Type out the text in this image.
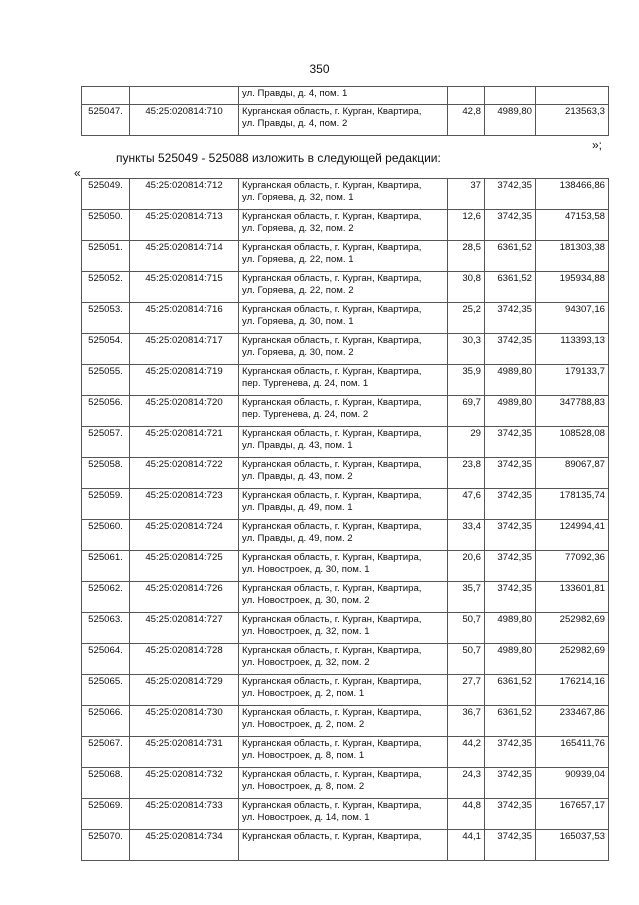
350

		ул. Правды, д. 4, пом. 1			

525047.	45:25:020814:710	Курганская область, г. Курган, Квартира,
ул. Правды, д. 4, пом. 2	42,8	4989,80	213563,3
»;
пункты 525049 - 525088 изложить в следующей редакции:
«
525049.	45:25:020814:712	Курганская область, г. Курган, Квартира,
ул. Горяева, д. 32, пом. 1	37	3742,35	138466,86
525050.	45:25:020814:713	Курганская область, г. Курган, Квартира,
ул. Горяева, д. 32, пом. 2	12,6	3742,35	47153,58
525051.	45:25:020814:714	Курганская область, г. Курган, Квартира,
ул. Горяева, д. 22, пом. 1	28,5	6361,52	181303,38
525052.	45:25:020814:715	Курганская область, г. Курган, Квартира,
ул. Горяева, д. 22, пом. 2	30,8	6361,52	195934,88
525053.	45:25:020814:716	Курганская область, г. Курган, Квартира,
ул. Горяева, д. 30, пом. 1	25,2	3742,35	94307,16
525054.	45:25:020814:717	Курганская область, г. Курган, Квартира,
ул. Горяева, д. 30, пом. 2	30,3	3742,35	113393,13
525055.	45:25:020814:719	Курганская область, г. Курган, Квартира,
пер. Тургенева, д. 24, пом. 1	35,9	4989,80	179133,7
525056.	45:25:020814:720	Курганская область, г. Курган, Квартира,
пер. Тургенева, д. 24, пом. 2	69,7	4989,80	347788,83
525057.	45:25:020814:721	Курганская область, г. Курган, Квартира,
ул. Правды, д. 43, пом. 1	29	3742,35	108528,08
525058.	45:25:020814:722	Курганская область, г. Курган, Квартира,
ул. Правды, д. 43, пом. 2	23,8	3742,35	89067,87
525059.	45:25:020814:723	Курганская область, г. Курган, Квартира,
ул. Правды, д. 49, пом. 1	47,6	3742,35	178135,74
525060.	45:25:020814:724	Курганская область, г. Курган, Квартира,
ул. Правды, д. 49, пом. 2	33,4	3742,35	124994,41
525061.	45:25:020814:725	Курганская область, г. Курган, Квартира,
ул. Новостроек, д. 30, пом. 1	20,6	3742,35	77092,36
525062.	45:25:020814:726	Курганская область, г. Курган, Квартира,
ул. Новостроек, д. 30, пом. 2	35,7	3742,35	133601,81
525063.	45:25:020814:727	Курганская область, г. Курган, Квартира,
ул. Новостроек, д. 32, пом. 1	50,7	4989,80	252982,69
525064.	45:25:020814:728	Курганская область, г. Курган, Квартира,
ул. Новостроек, д. 32, пом. 2	50,7	4989,80	252982,69
525065.	45:25:020814:729	Курганская область, г. Курган, Квартира,
ул. Новостроек, д. 2, пом. 1	27,7	6361,52	176214,16
525066.	45:25:020814:730	Курганская область, г. Курган, Квартира,
ул. Новостроек, д. 2, пом. 2	36,7	6361,52	233467,86
525067.	45:25:020814:731	Курганская область, г. Курган, Квартира,
ул. Новостроек, д. 8, пом. 1	44,2	3742,35	165411,76
525068.	45:25:020814:732	Курганская область, г. Курган, Квартира,
ул. Новостроек, д. 8, пом. 2	24,3	3742,35	90939,04
525069.	45:25:020814:733	Курганская область, г. Курган, Квартира,
ул. Новостроек, д. 14, пом. 1	44,8	3742,35	167657,17
525070.	45:25:020814:734	Курганская область, г. Курган, Квартира,	44,1	3742,35	165037,53
